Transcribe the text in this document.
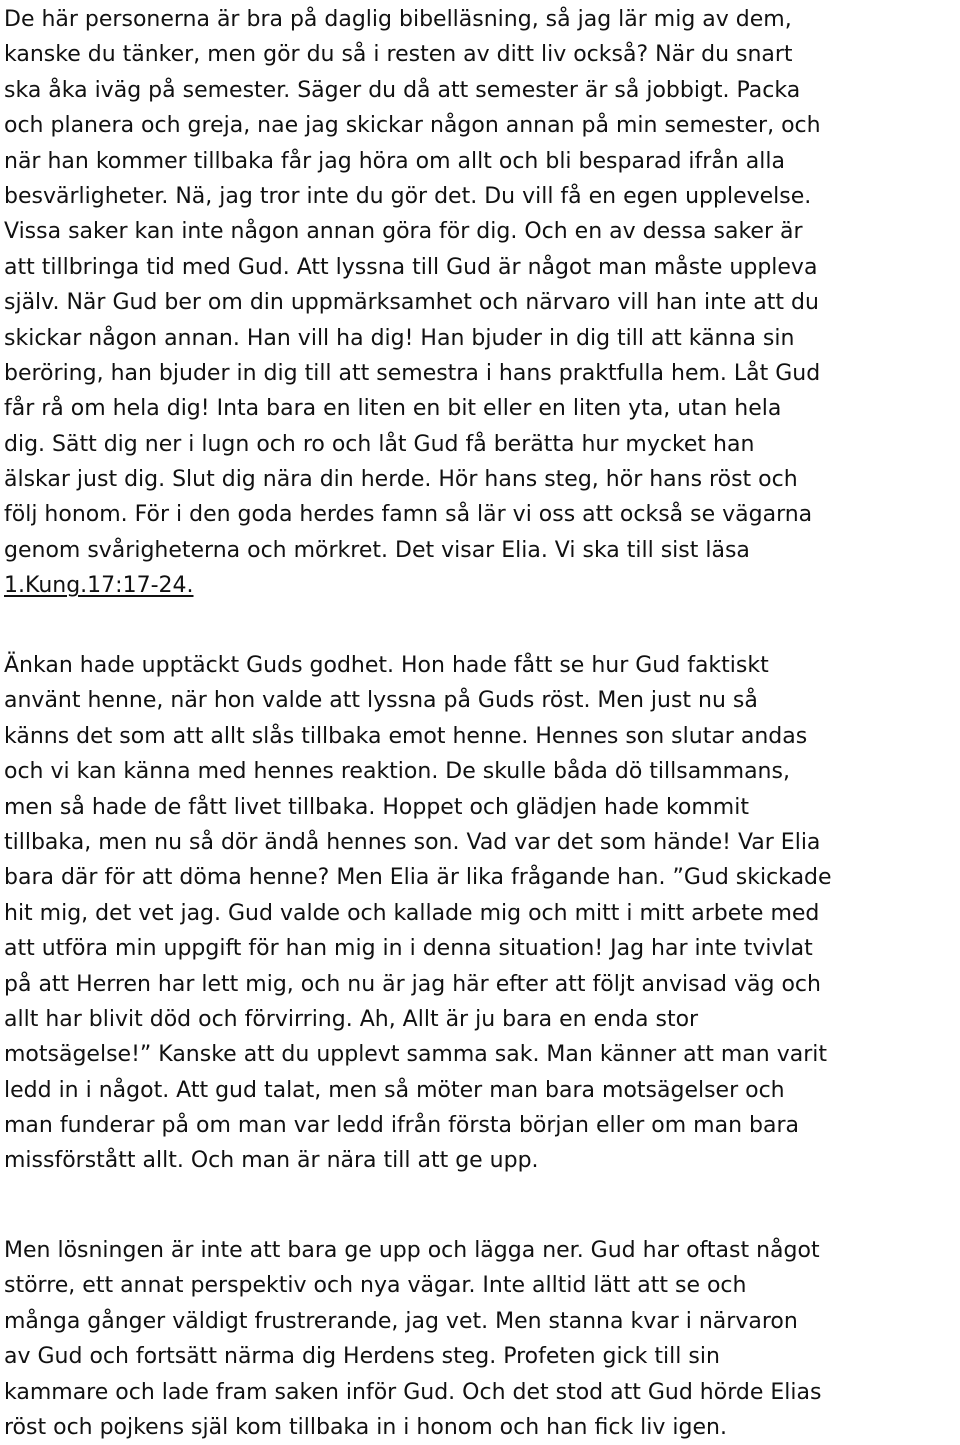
De här personerna är bra på daglig bibelläsning, så jag lär mig av dem,
kanske du tänker, men gör du så i resten av ditt liv också? När du snart
ska åka iväg på semester. Säger du då att semester är så jobbigt. Packa
och planera och greja, nae jag skickar någon annan på min semester, och
när han kommer tillbaka får jag höra om allt och bli besparad ifrån alla
besvärligheter. Nä, jag tror inte du gör det. Du vill få en egen upplevelse.
Vissa saker kan inte någon annan göra för dig. Och en av dessa saker är
att tillbringa tid med Gud. Att lyssna till Gud är något man måste uppleva
själv. När Gud ber om din uppmärksamhet och närvaro vill han inte att du
skickar någon annan. Han vill ha dig! Han bjuder in dig till att känna sin
beröring, han bjuder in dig till att semestra i hans praktfulla hem. Låt Gud
får rå om hela dig! Inta bara en liten en bit eller en liten yta, utan hela
dig. Sätt dig ner i lugn och ro och låt Gud få berätta hur mycket han
älskar just dig. Slut dig nära din herde. Hör hans steg, hör hans röst och
följ honom. För i den goda herdes famn så lär vi oss att också se vägarna
genom svårigheterna och mörkret. Det visar Elia. Vi ska till sist läsa
1.Kung.17:17-24.
Änkan hade upptäckt Guds godhet. Hon hade fått se hur Gud faktiskt
använt henne, när hon valde att lyssna på Guds röst. Men just nu så
känns det som att allt slås tillbaka emot henne. Hennes son slutar andas
och vi kan känna med hennes reaktion. De skulle båda dö tillsammans,
men så hade de fått livet tillbaka. Hoppet och glädjen hade kommit
tillbaka, men nu så dör ändå hennes son. Vad var det som hände! Var Elia
bara där för att döma henne? Men Elia är lika frågande han. ”Gud skickade
hit mig, det vet jag. Gud valde och kallade mig och mitt i mitt arbete med
att utföra min uppgift för han mig in i denna situation! Jag har inte tvivlat
på att Herren har lett mig, och nu är jag här efter att följt anvisad väg och
allt har blivit död och förvirring. Ah, Allt är ju bara en enda stor
motsägelse!” Kanske att du upplevt samma sak. Man känner att man varit
ledd in i något. Att gud talat, men så möter man bara motsägelser och
man funderar på om man var ledd ifrån första början eller om man bara
missförstått allt. Och man är nära till att ge upp.
Men lösningen är inte att bara ge upp och lägga ner. Gud har oftast något
större, ett annat perspektiv och nya vägar. Inte alltid lätt att se och
många gånger väldigt frustrerande, jag vet. Men stanna kvar i närvaron
av Gud och fortsätt närma dig Herdens steg. Profeten gick till sin
kammare och lade fram saken inför Gud. Och det stod att Gud hörde Elias
röst och pojkens själ kom tillbaka in i honom och han fick liv igen.
